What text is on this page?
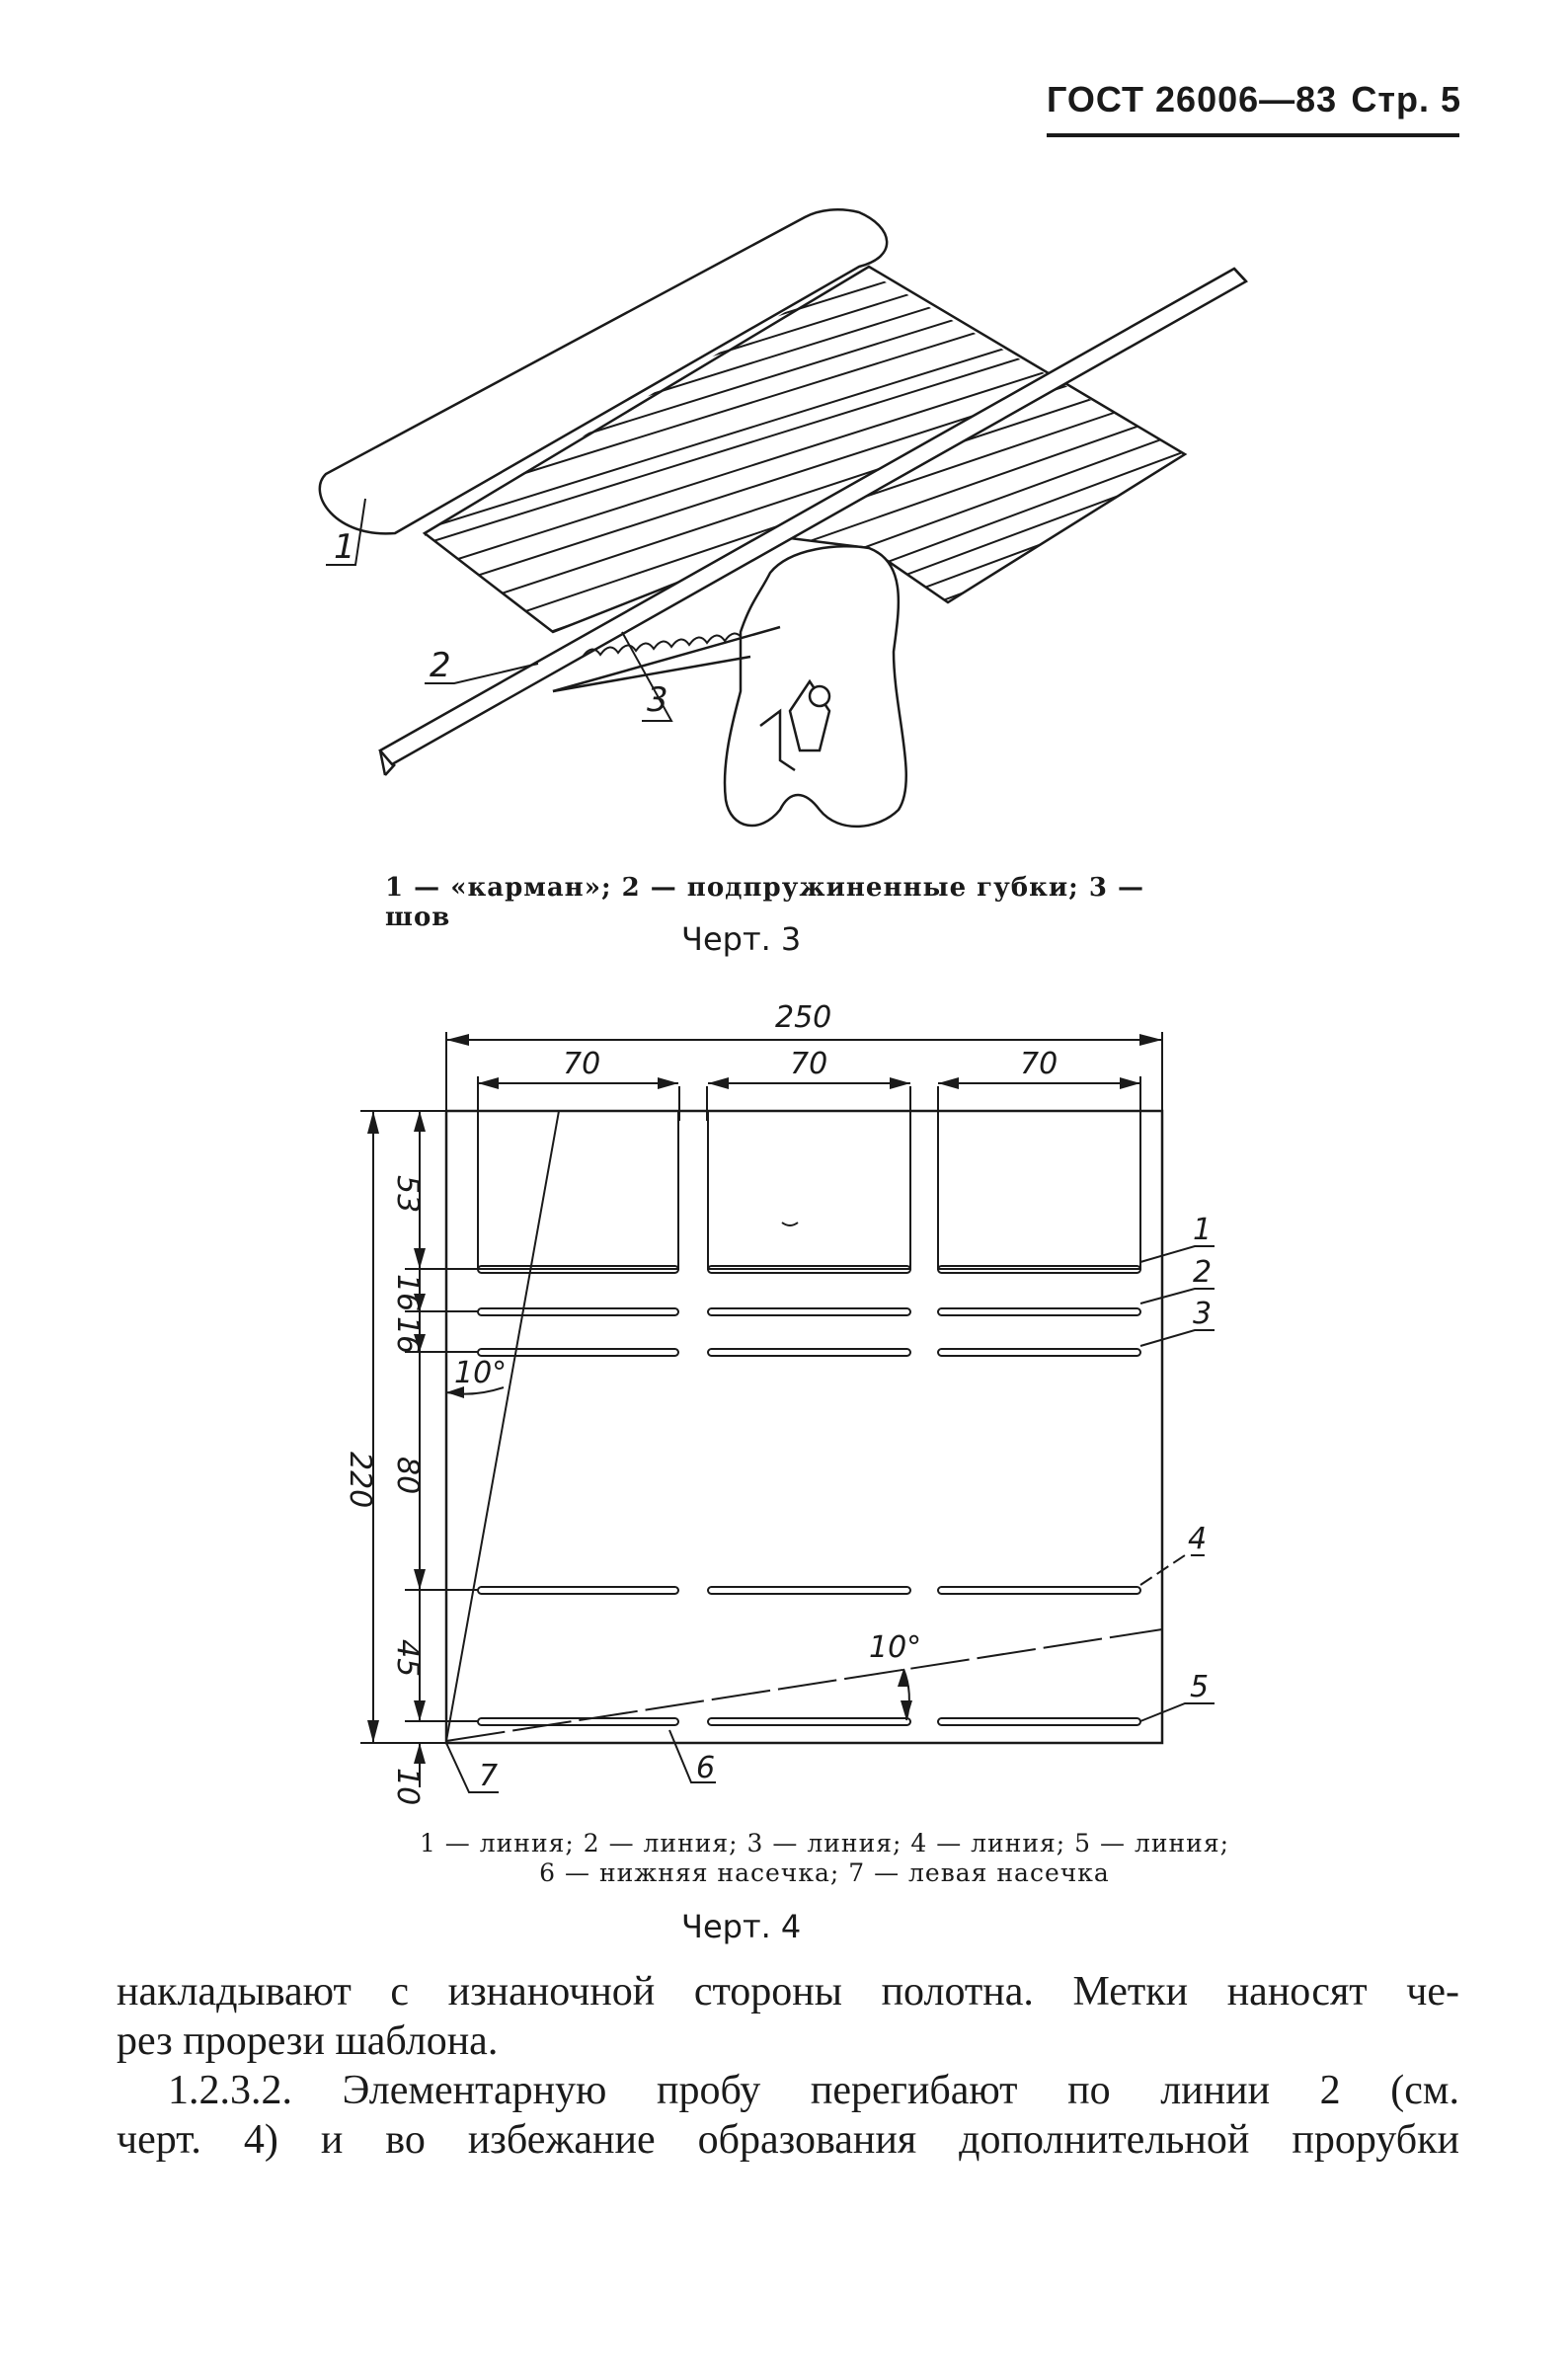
ГОСТ 26006—83 Стр. 5
1
2
3
250
70	70	70
220
53
16
16
80
45
10
10°
10°
1
2
3
4
5
6
7
1 — «карман»; 2 — подпружиненные губки; 3 — шов
Черт. 3
1 — линия; 2 — линия; 3 — линия; 4 — линия; 5 — линия;
6 — нижняя насечка; 7 — левая насечка
Черт. 4

накладывают с изнаночной стороны полотна. Метки наносят че-

рез прорези шаблона.

1.2.3.2. Элементарную пробу перегибают по линии 2 (см.

черт. 4) и во избежание образования дополнительной прорубки
